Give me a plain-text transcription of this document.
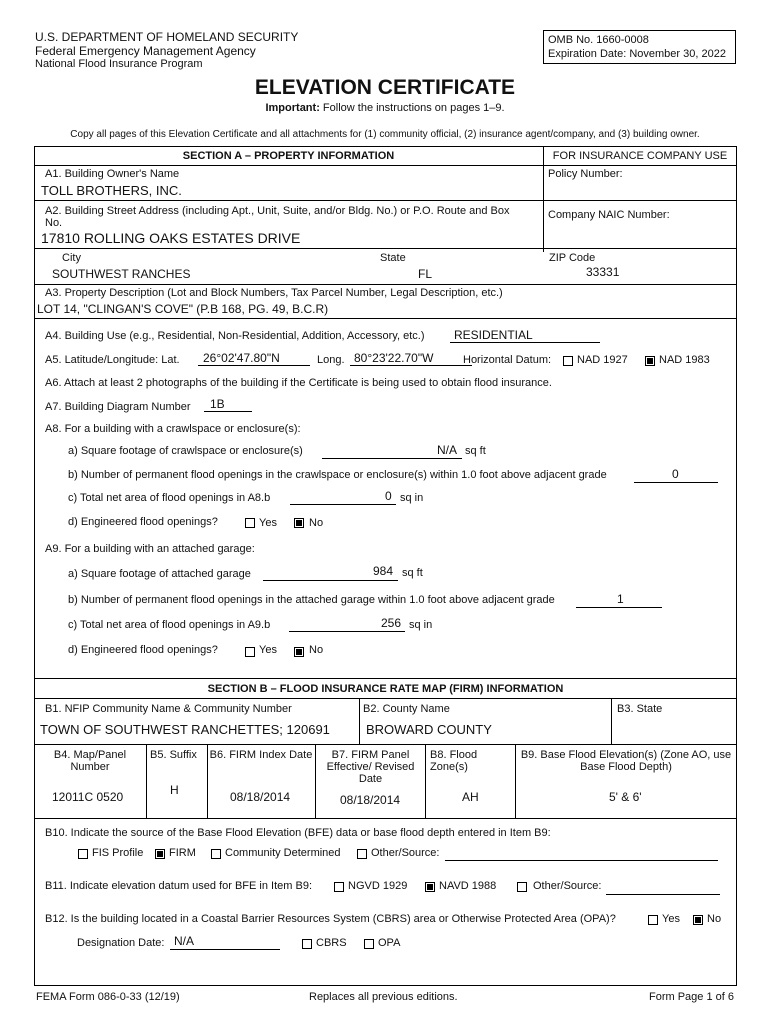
U.S. DEPARTMENT OF HOMELAND SECURITY
Federal Emergency Management Agency
National Flood Insurance Program
OMB No. 1660-0008
Expiration Date: November 30, 2022
ELEVATION CERTIFICATE
Important: Follow the instructions on pages 1–9.
Copy all pages of this Elevation Certificate and all attachments for (1) community official, (2) insurance agent/company, and (3) building owner.
SECTION A – PROPERTY INFORMATION	FOR INSURANCE COMPANY USE
A1. Building Owner's Name
TOLL BROTHERS, INC.
Policy Number:
A2. Building Street Address (including Apt., Unit, Suite, and/or Bldg. No.) or P.O. Route and Box No.
17810 ROLLING OAKS ESTATES DRIVE
Company NAIC Number:
City
SOUTHWEST RANCHES
State
FL
ZIP Code
33331
A3. Property Description (Lot and Block Numbers, Tax Parcel Number, Legal Description, etc.)
LOT 14, "CLINGAN'S COVE" (P.B 168, PG. 49, B.C.R)
A4. Building Use (e.g., Residential, Non-Residential, Addition, Accessory, etc.) RESIDENTIAL
A5. Latitude/Longitude: Lat. 26°02'47.80"N	Long. 80°23'22.70"W	Horizontal Datum: NAD 1927	NAD 1983
A6. Attach at least 2 photographs of the building if the Certificate is being used to obtain flood insurance.
A7. Building Diagram Number 1B
A8. For a building with a crawlspace or enclosure(s):
a) Square footage of crawlspace or enclosure(s)	N/A sq ft
b) Number of permanent flood openings in the crawlspace or enclosure(s) within 1.0 foot above adjacent grade	0
c) Total net area of flood openings in A8.b	0 sq in
d) Engineered flood openings?	Yes	No
A9. For a building with an attached garage:
a) Square footage of attached garage	984 sq ft
b) Number of permanent flood openings in the attached garage within 1.0 foot above adjacent grade	1
c) Total net area of flood openings in A9.b	256 sq in
d) Engineered flood openings?	Yes	No
SECTION B – FLOOD INSURANCE RATE MAP (FIRM) INFORMATION
B1. NFIP Community Name & Community Number
TOWN OF SOUTHWEST RANCHETTES; 120691
B2. County Name
BROWARD COUNTY
B3. State
B4. Map/Panel Number
12011C 0520
B5. Suffix
H
B6. FIRM Index Date
08/18/2014
B7. FIRM Panel Effective/ Revised Date
08/18/2014
B8. Flood Zone(s)
AH
B9. Base Flood Elevation(s) (Zone AO, use Base Flood Depth)
5' & 6'
B10. Indicate the source of the Base Flood Elevation (BFE) data or base flood depth entered in Item B9:
FIS Profile FIRM	Community Determined	Other/Source:
B11. Indicate elevation datum used for BFE in Item B9:	NGVD 1929	NAVD 1988	Other/Source:
B12. Is the building located in a Coastal Barrier Resources System (CBRS) area or Otherwise Protected Area (OPA)?	Yes No
Designation Date: N/A	CBRS	OPA
FEMA Form 086-0-33 (12/19)	Replaces all previous editions.	Form Page 1 of 6
